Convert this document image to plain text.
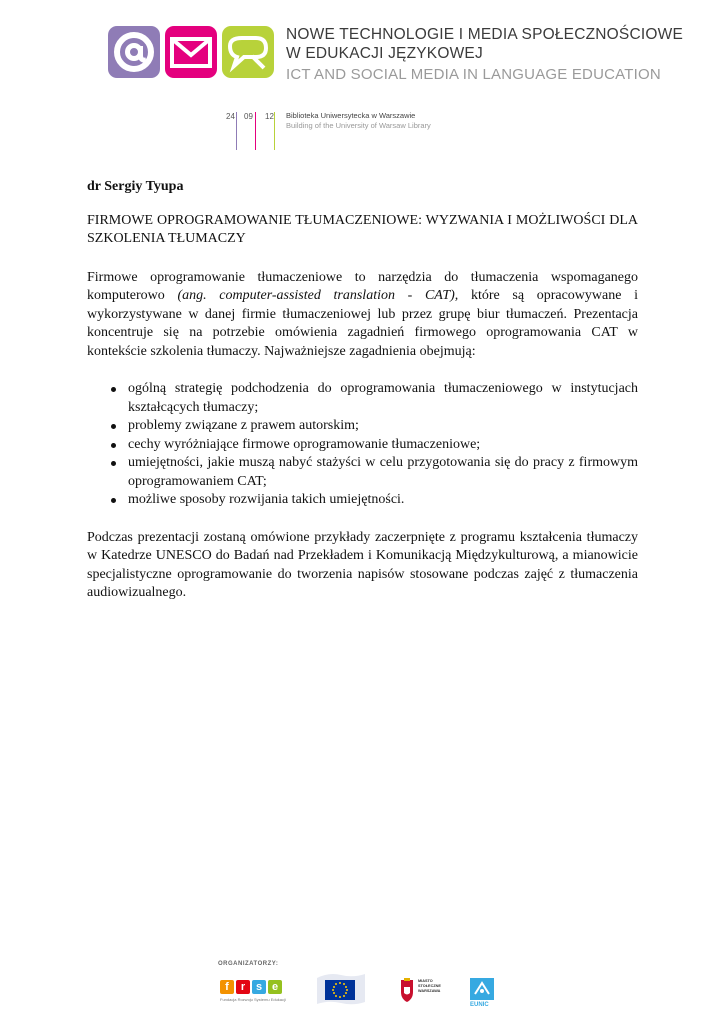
NOWE TECHNOLOGIE I MEDIA SPOŁECZNOŚCIOWE
W EDUKACJI JĘZYKOWEJ
ICT AND SOCIAL MEDIA IN LANGUAGE EDUCATION
24 09 12 Biblioteka Uniwersytecka w Warszawie
Building of the University of Warsaw Library

dr Sergiy Tyupa

FIRMOWE OPROGRAMOWANIE TŁUMACZENIOWE: WYZWANIA I MOŻLIWOŚCI DLA SZKOLENIA TŁUMACZY

Firmowe oprogramowanie tłumaczeniowe to narzędzia do tłumaczenia wspomaganego komputerowo (ang. computer-assisted translation - CAT), które są opracowywane i wykorzystywane w danej firmie tłumaczeniowej lub przez grupę biur tłumaczeń. Prezentacja koncentruje się na potrzebie omówienia zagadnień firmowego oprogramowania CAT w kontekście szkolenia tłumaczy. Najważniejsze zagadnienia obejmują:

ogólną strategię podchodzenia do oprogramowania tłumaczeniowego w instytucjach kształcących tłumaczy;
problemy związane z prawem autorskim;
cechy wyróżniające firmowe oprogramowanie tłumaczeniowe;
umiejętności, jakie muszą nabyć stażyści w celu przygotowania się do pracy z firmowym oprogramowaniem CAT;
możliwe sposoby rozwijania takich umiejętności.

Podczas prezentacji zostaną omówione przykłady zaczerpnięte z programu kształcenia tłumaczy w Katedrze UNESCO do Badań nad Przekładem i Komunikacją Międzykulturową, a mianowicie specjalistyczne oprogramowanie do tworzenia napisów stosowane podczas zajęć z tłumaczenia audiowizualnego.

ORGANIZATORZY:
f	r s e
Fundacja Rozwoju Systemu Edukacji
MIASTO STOŁECZNE WARSZAWA
EUNIC
